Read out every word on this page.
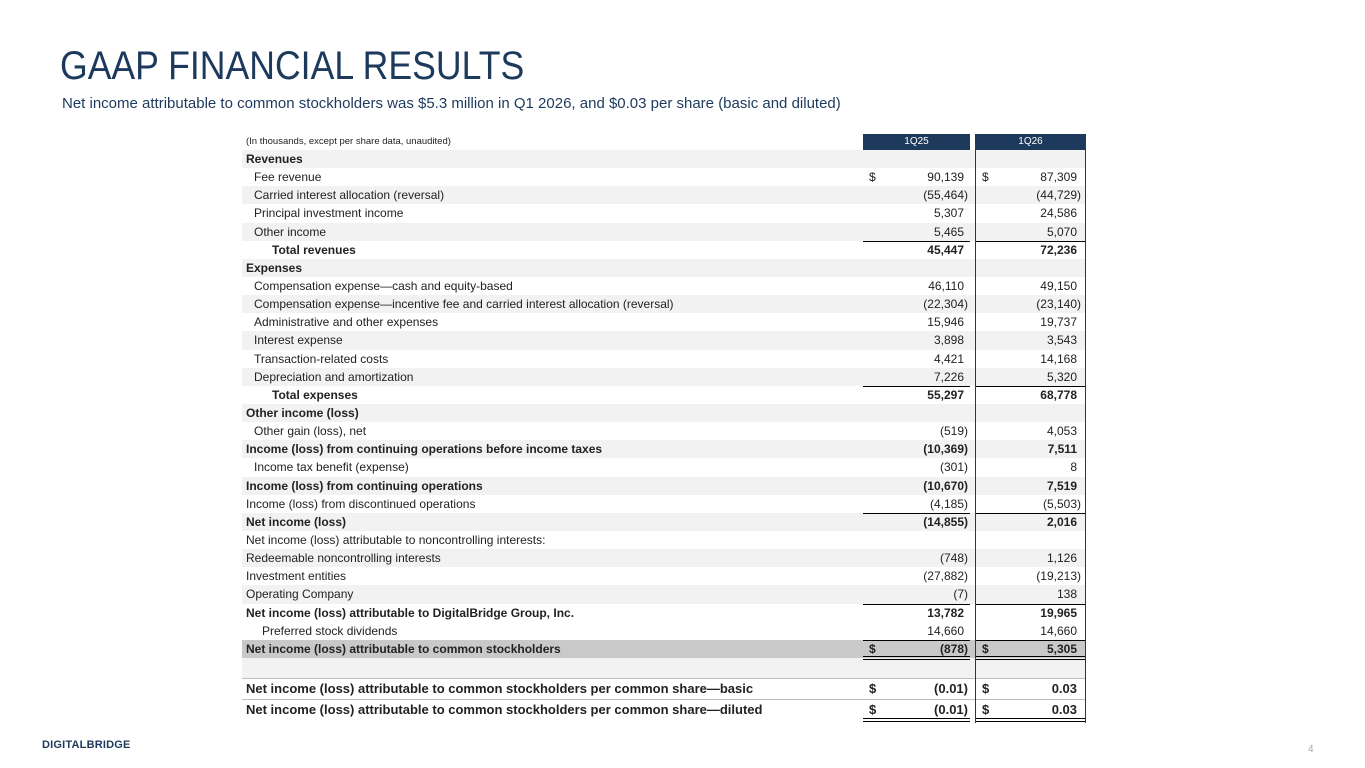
GAAP FINANCIAL RESULTS

Net income attributable to common stockholders was $5.3 million in Q1 2026, and $0.03 per share (basic and diluted)

(In thousands, except per share data, unaudited)	1Q25	1Q26
Revenues
Fee revenue	$	90,139	$	87,309
Carried interest allocation (reversal)	(55,464)	(44,729)
Principal investment income	5,307	24,586
Other income	5,465	5,070
Total revenues	45,447	72,236
Expenses
Compensation expense—cash and equity-based	46,110	49,150
Compensation expense—incentive fee and carried interest allocation (reversal)	(22,304)	(23,140)
Administrative and other expenses	15,946	19,737
Interest expense	3,898	3,543
Transaction-related costs	4,421	14,168
Depreciation and amortization	7,226	5,320
Total expenses	55,297	68,778
Other income (loss)
Other gain (loss), net	(519)	4,053
Income (loss) from continuing operations before income taxes	(10,369)	7,511
Income tax benefit (expense)	(301)	8
Income (loss) from continuing operations	(10,670)	7,519
Income (loss) from discontinued operations	(4,185)	(5,503)
Net income (loss)	(14,855)	2,016
Net income (loss) attributable to noncontrolling interests:
Redeemable noncontrolling interests	(748)	1,126
Investment entities	(27,882)	(19,213)
Operating Company	(7)	138
Net income (loss) attributable to DigitalBridge Group, Inc.	13,782	19,965
Preferred stock dividends	14,660	14,660
Net income (loss) attributable to common stockholders	$	(878) $	5,305
Net income (loss) attributable to common stockholders per common share—basic	$	(0.01) $	0.03
Net income (loss) attributable to common stockholders per common share—diluted	$	(0.01) $	0.03
DIGITALBRIDGE	4
